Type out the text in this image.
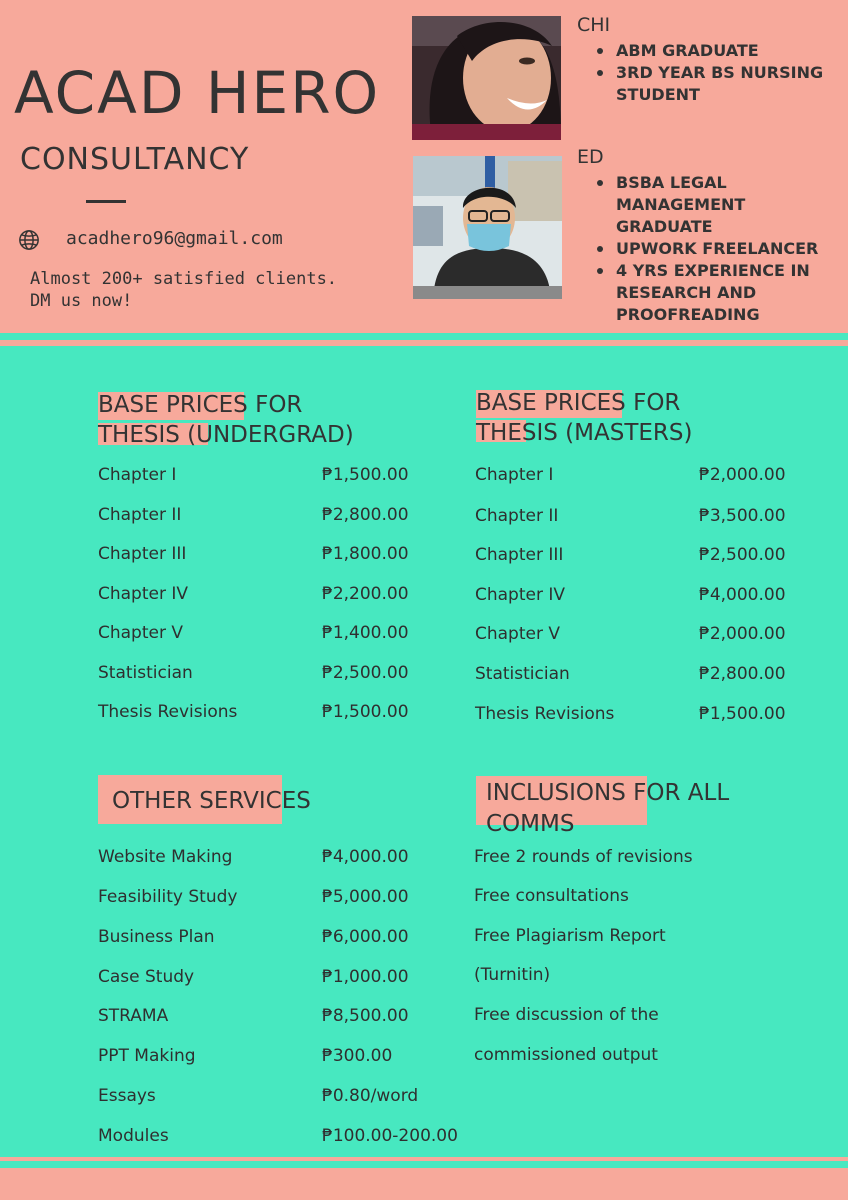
ACAD HERO
CONSULTANCY
acadhero96@gmail.com
Almost 200+ satisfied clients.
DM us now!
CHI
ABM GRADUATE
3RD YEAR BS NURSING STUDENT
ED
BSBA LEGAL MANAGEMENT GRADUATE
UPWORK FREELANCER
4 YRS EXPERIENCE IN RESEARCH AND PROOFREADING
BASE PRICES FOR
THESIS (UNDERGRAD)
BASE PRICES FOR
THESIS (MASTERS)
OTHER SERVICES	INCLUSIONS FOR ALL COMMS
Chapter I	₱1,500.00
Chapter II	₱2,800.00
Chapter III	₱1,800.00
Chapter IV	₱2,200.00
Chapter V	₱1,400.00
Statistician	₱2,500.00
Thesis Revisions	₱1,500.00
Chapter I	₱2,000.00
Chapter II	₱3,500.00
Chapter III	₱2,500.00
Chapter IV	₱4,000.00
Chapter V	₱2,000.00
Statistician	₱2,800.00
Thesis Revisions	₱1,500.00
Website Making	₱4,000.00
Feasibility Study	₱5,000.00
Business Plan	₱6,000.00
Case Study	₱1,000.00
STRAMA	₱8,500.00
PPT Making	₱300.00
Essays	₱0.80/word
Modules	₱100.00-200.00
Free 2 rounds of revisions
Free consultations
Free Plagiarism Report
(Turnitin)
Free discussion of the
commissioned output
